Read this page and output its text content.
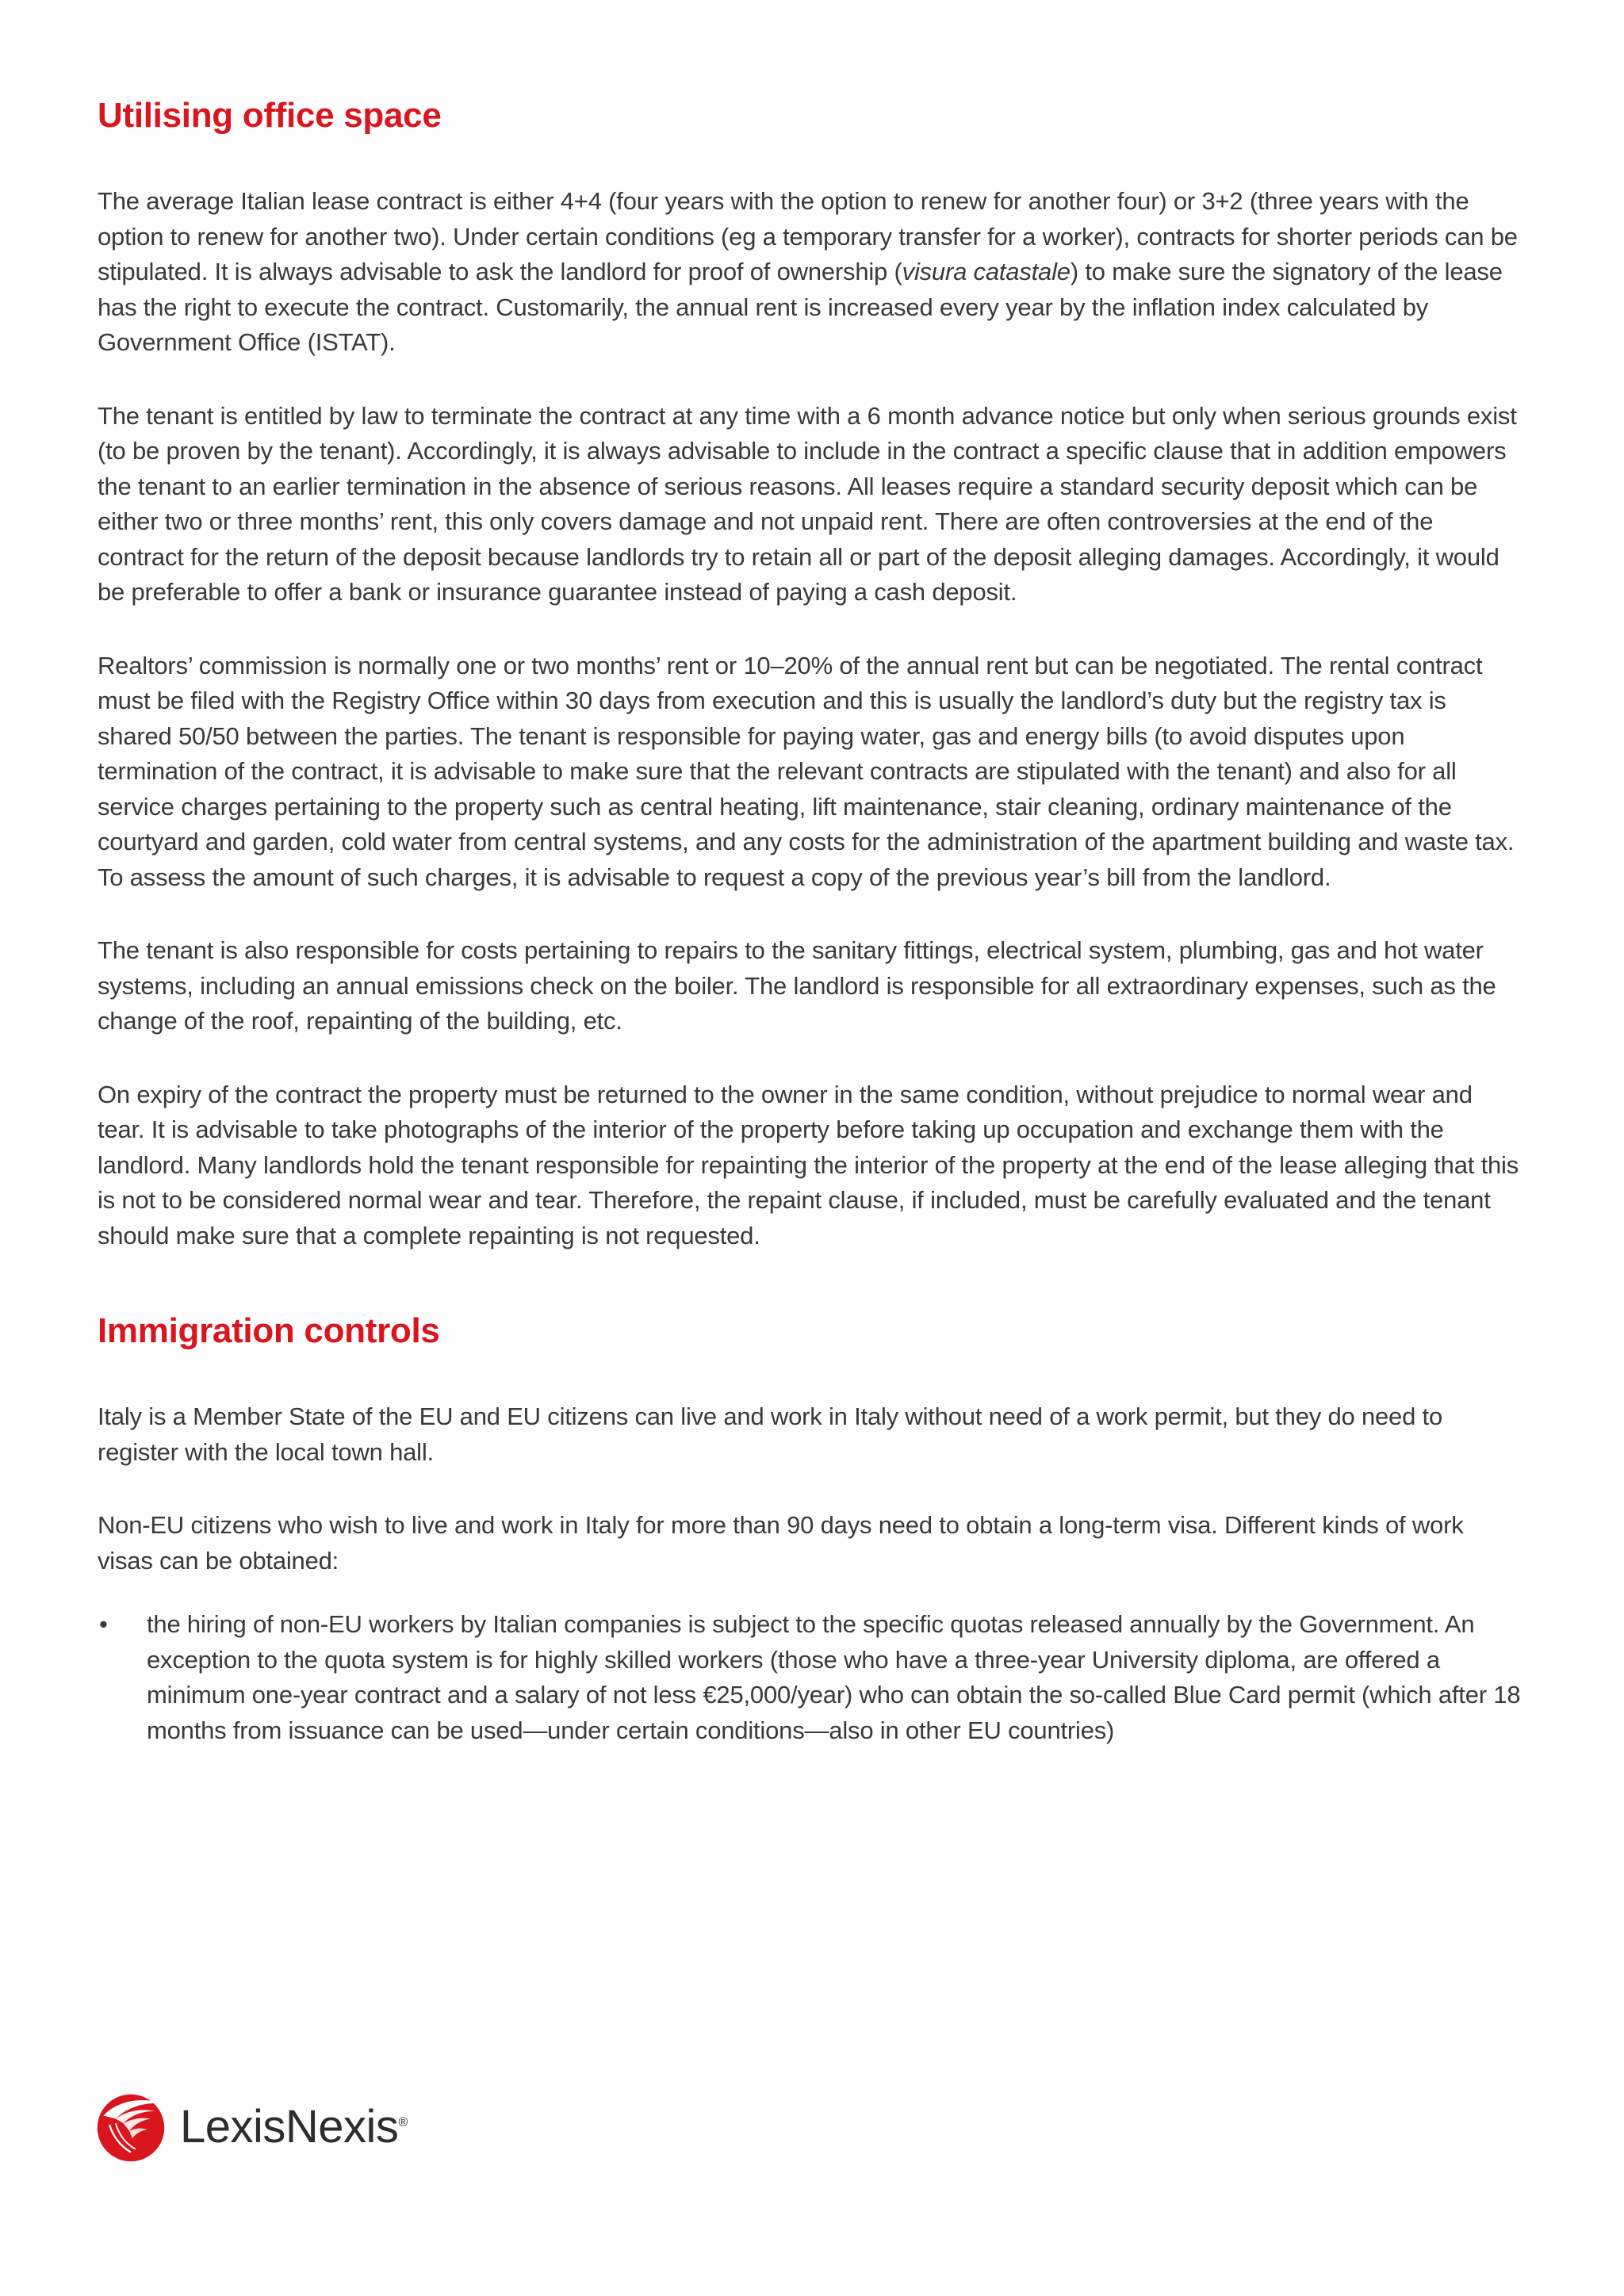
Utilising office space

The average Italian lease contract is either 4+4 (four years with the option to renew for another four) or 3+2 (three years with the option to renew for another two). Under certain conditions (eg a temporary transfer for a worker), contracts for shorter periods can be stipulated. It is always advisable to ask the landlord for proof of ownership (visura catastale) to make sure the signatory of the lease has the right to execute the contract. Customarily, the annual rent is increased every year by the inflation index calculated by Government Office (ISTAT).

The tenant is entitled by law to terminate the contract at any time with a 6 month advance notice but only when serious grounds exist (to be proven by the tenant). Accordingly, it is always advisable to include in the contract a specific clause that in addition empowers the tenant to an earlier termination in the absence of serious reasons. All leases require a standard security deposit which can be either two or three months’ rent, this only covers damage and not unpaid rent. There are often controversies at the end of the contract for the return of the deposit because landlords try to retain all or part of the deposit alleging damages. Accordingly, it would be preferable to offer a bank or insurance guarantee instead of paying a cash deposit.

Realtors’ commission is normally one or two months’ rent or 10–20% of the annual rent but can be negotiated. The rental contract must be filed with the Registry Office within 30 days from execution and this is usually the landlord’s duty but the registry tax is shared 50/50 between the parties. The tenant is responsible for paying water, gas and energy bills (to avoid disputes upon termination of the contract, it is advisable to make sure that the relevant contracts are stipulated with the tenant) and also for all service charges pertaining to the property such as central heating, lift maintenance, stair cleaning, ordinary maintenance of the courtyard and garden, cold water from central systems, and any costs for the administration of the apartment building and waste tax. To assess the amount of such charges, it is advisable to request a copy of the previous year’s bill from the landlord.

The tenant is also responsible for costs pertaining to repairs to the sanitary fittings, electrical system, plumbing, gas and hot water systems, including an annual emissions check on the boiler. The landlord is responsible for all extraordinary expenses, such as the change of the roof, repainting of the building, etc.

On expiry of the contract the property must be returned to the owner in the same condition, without prejudice to normal wear and tear. It is advisable to take photographs of the interior of the property before taking up occupation and exchange them with the landlord. Many landlords hold the tenant responsible for repainting the interior of the property at the end of the lease alleging that this is not to be considered normal wear and tear. Therefore, the repaint clause, if included, must be carefully evaluated and the tenant should make sure that a complete repainting is not requested.

Immigration controls

Italy is a Member State of the EU and EU citizens can live and work in Italy without need of a work permit, but they do need to register with the local town hall.

Non-EU citizens who wish to live and work in Italy for more than 90 days need to obtain a long-term visa. Different kinds of work visas can be obtained:

• the hiring of non-EU workers by Italian companies is subject to the specific quotas released annually by the Government. An exception to the quota system is for highly skilled workers (those who have a three-year University diploma, are offered a minimum one-year contract and a salary of not less €25,000/year) who can obtain the so-called Blue Card permit (which after 18 months from issuance can be used—under certain conditions—also in other EU countries)
LexisNexis®
